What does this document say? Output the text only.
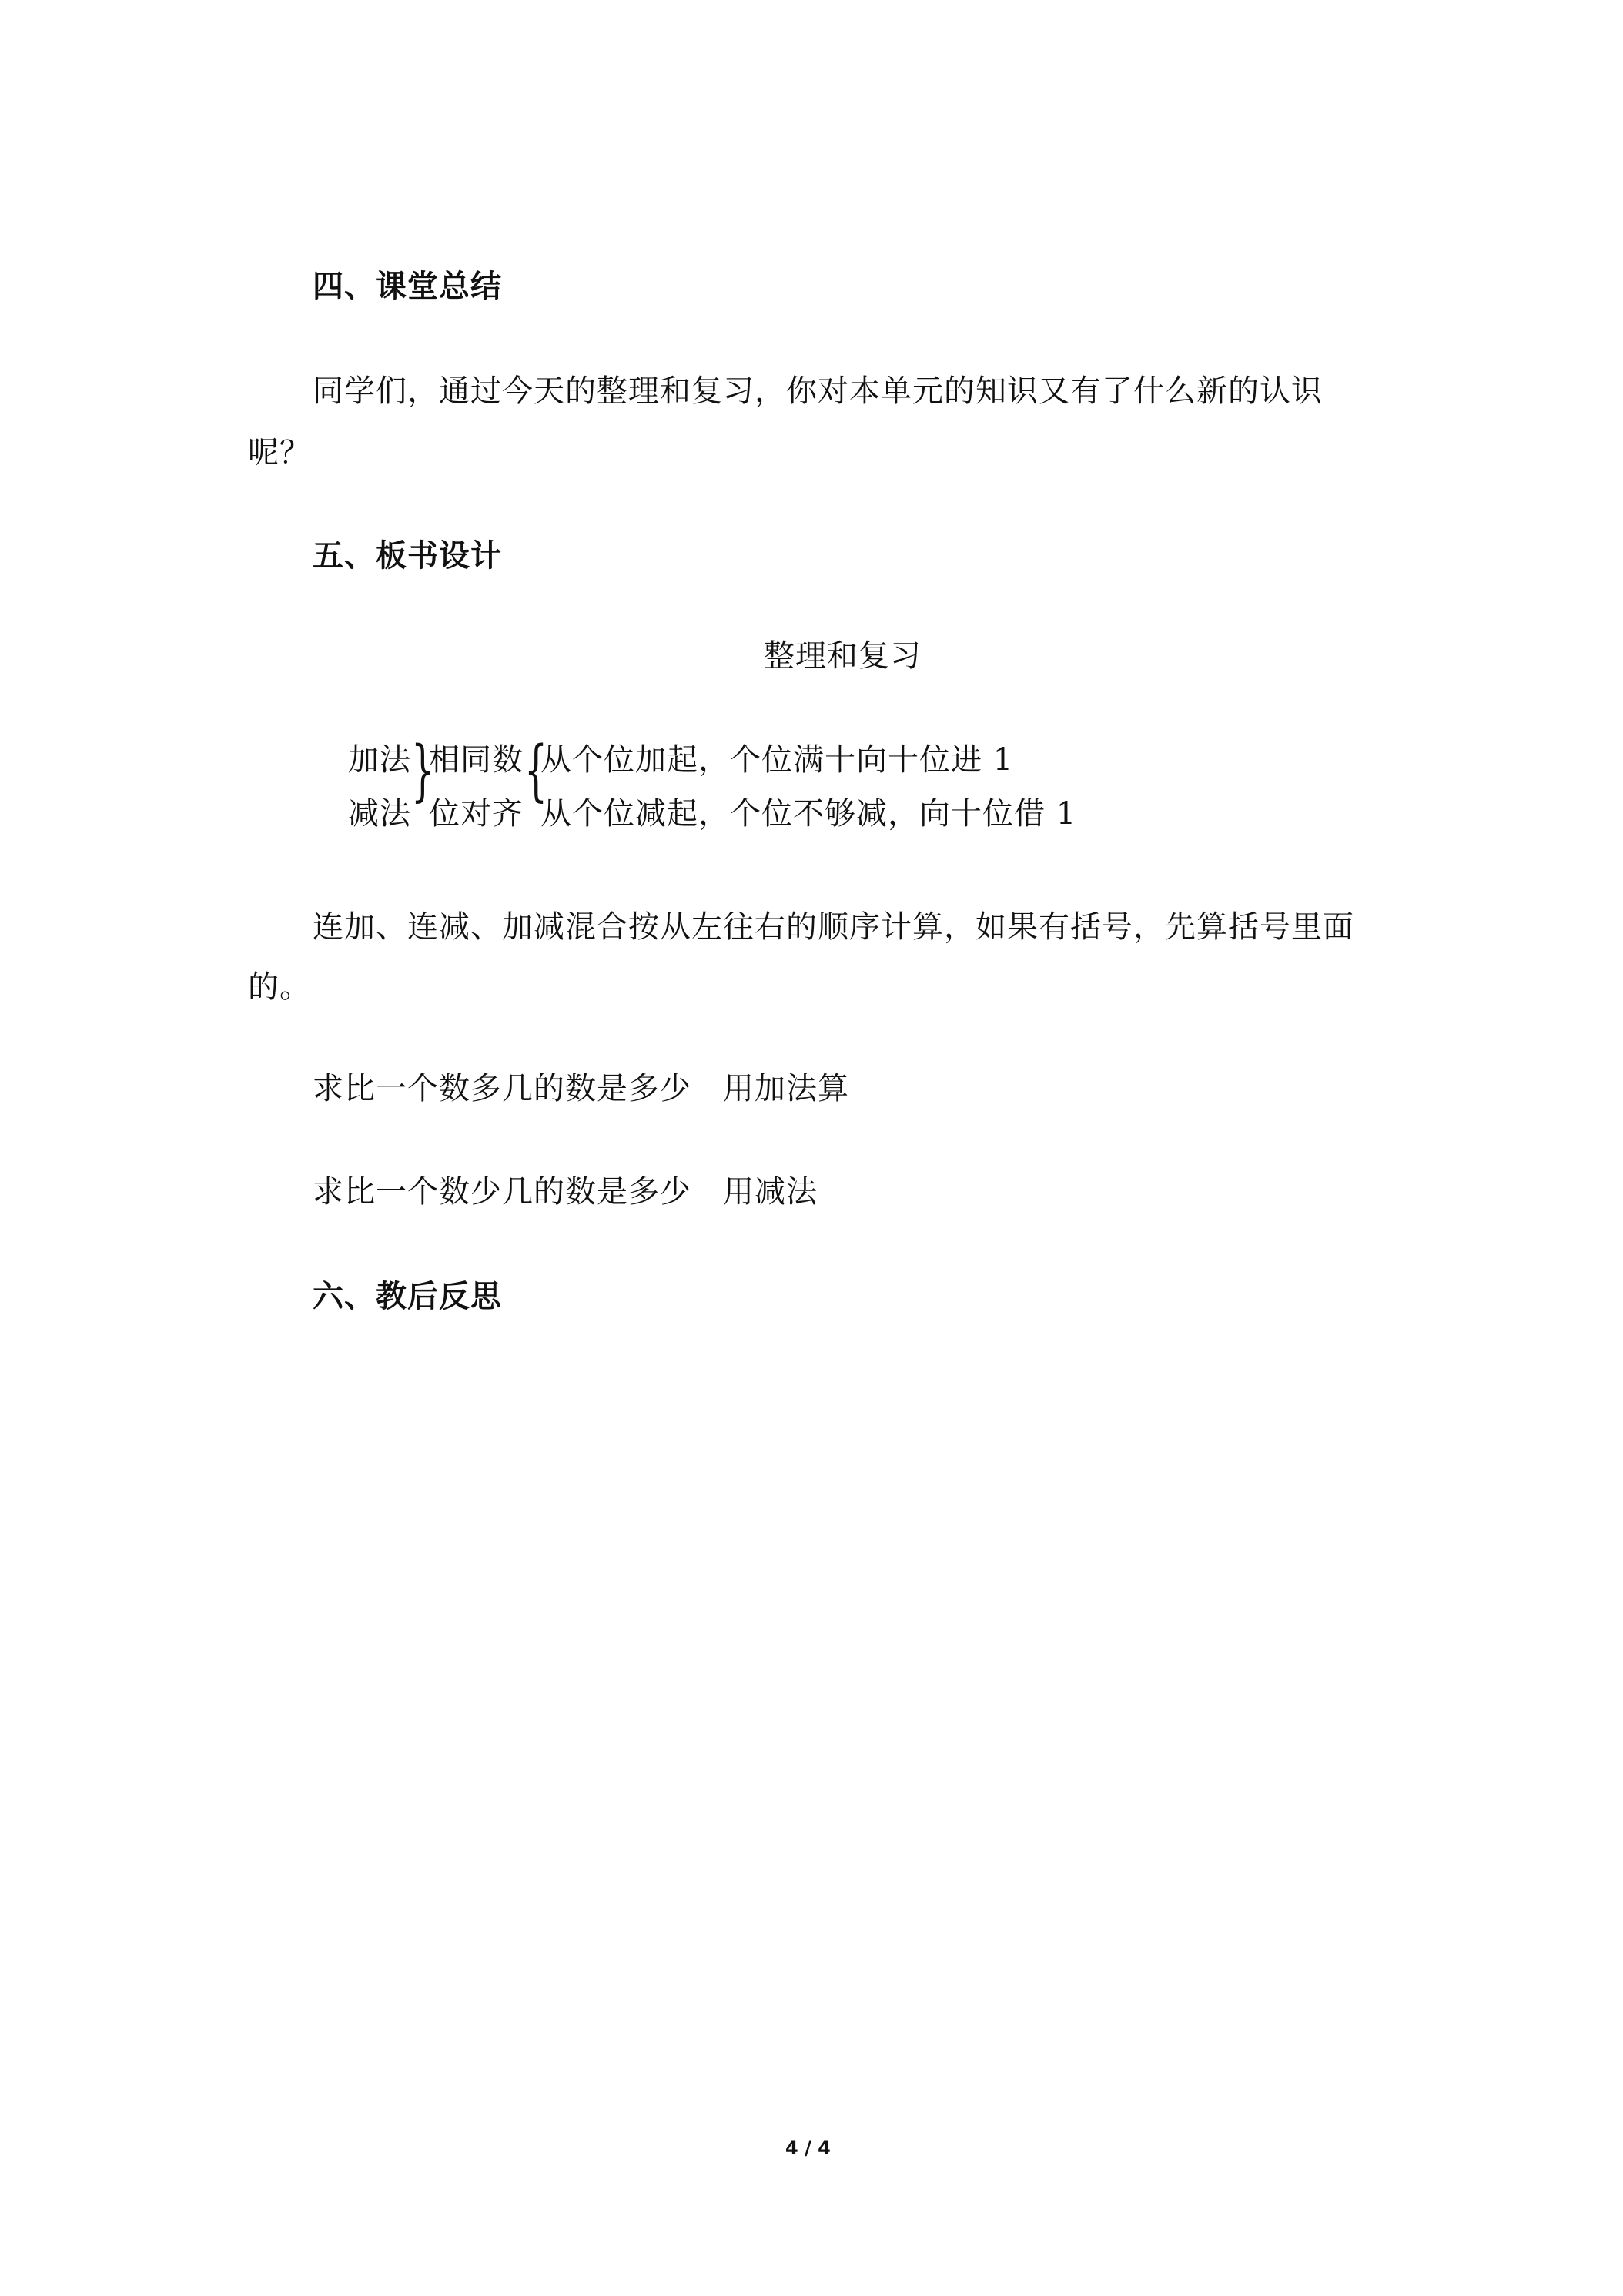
四、课堂总结
同学们，通过今天的整理和复习，你对本单元的知识又有了什么新的认识
呢？
五、板书设计
整理和复习
加法
减法
}
相同数
位对齐
{
从个位加起，个位满十向十位进 1
从个位减起，个位不够减，向十位借 1
连加、连减、加减混合按从左往右的顺序计算，如果有括号，先算括号里面
的。
求比一个数多几的数是多少　用加法算
求比一个数少几的数是多少　用减法
六、教后反思
4 / 4
